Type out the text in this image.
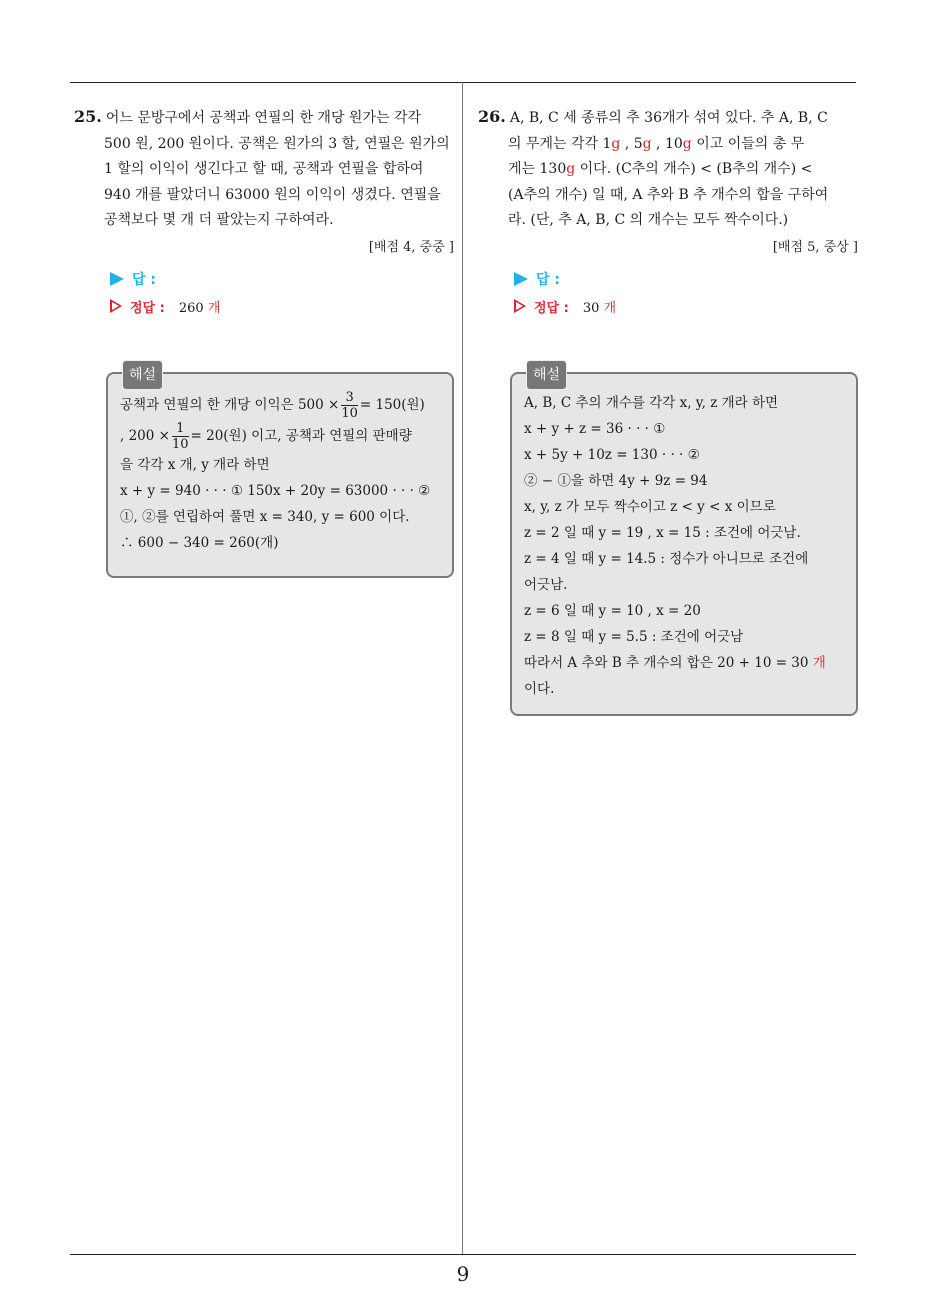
25. 어느 문방구에서 공책과 연필의 한 개당 원가는 각각
500 원, 200 원이다. 공책은 원가의 3 할, 연필은 원가의
1 할의 이익이 생긴다고 할 때, 공책과 연필을 합하여
940 개를 팔았더니 63000 원의 이익이 생겼다. 연필을
공책보다 몇 개 더 팔았는지 구하여라.
[배점 4, 중중 ]
답 :
정답 : 260 개
해설
공책과 연필의 한 개당 이익은 $500 \times \frac{3}{10} = 150$(원)
, $200 \times \frac{1}{10} = 20$(원) 이고, 공책과 연필의 판매량
을 각각 x 개, y 개라 하면
x + y = 940 · · · ① 150x + 20y = 63000 · · · ②
①, ②를 연립하여 풀면 x = 340, y = 600 이다.
∴ 600 − 340 = 260(개)
26. A, B, C 세 종류의 추 36개가 섞여 있다. 추 A, B, C
의 무게는 각각 1g , 5g , 10g 이고 이들의 총 무
게는 130g 이다. (C추의 개수) < (B추의 개수) <
(A추의 개수) 일 때, A 추와 B 추 개수의 합을 구하여
라. (단, 추 A, B, C 의 개수는 모두 짝수이다.)
[배점 5, 중상 ]
답 :
정답 : 30 개
해설
A, B, C 추의 개수를 각각 x, y, z 개라 하면
x + y + z = 36 · · · ①
x + 5y + 10z = 130 · · · ②
② − ①을 하면 4y + 9z = 94
x, y, z 가 모두 짝수이고 z < y < x 이므로
z = 2 일 때 y = 19 , x = 15 : 조건에 어긋남.
z = 4 일 때 y = 14.5 : 정수가 아니므로 조건에
어긋남.
z = 6 일 때 y = 10 , x = 20
z = 8 일 때 y = 5.5 : 조건에 어긋남
따라서 A 추와 B 추 개수의 합은 20 + 10 = 30 개
이다.
9
